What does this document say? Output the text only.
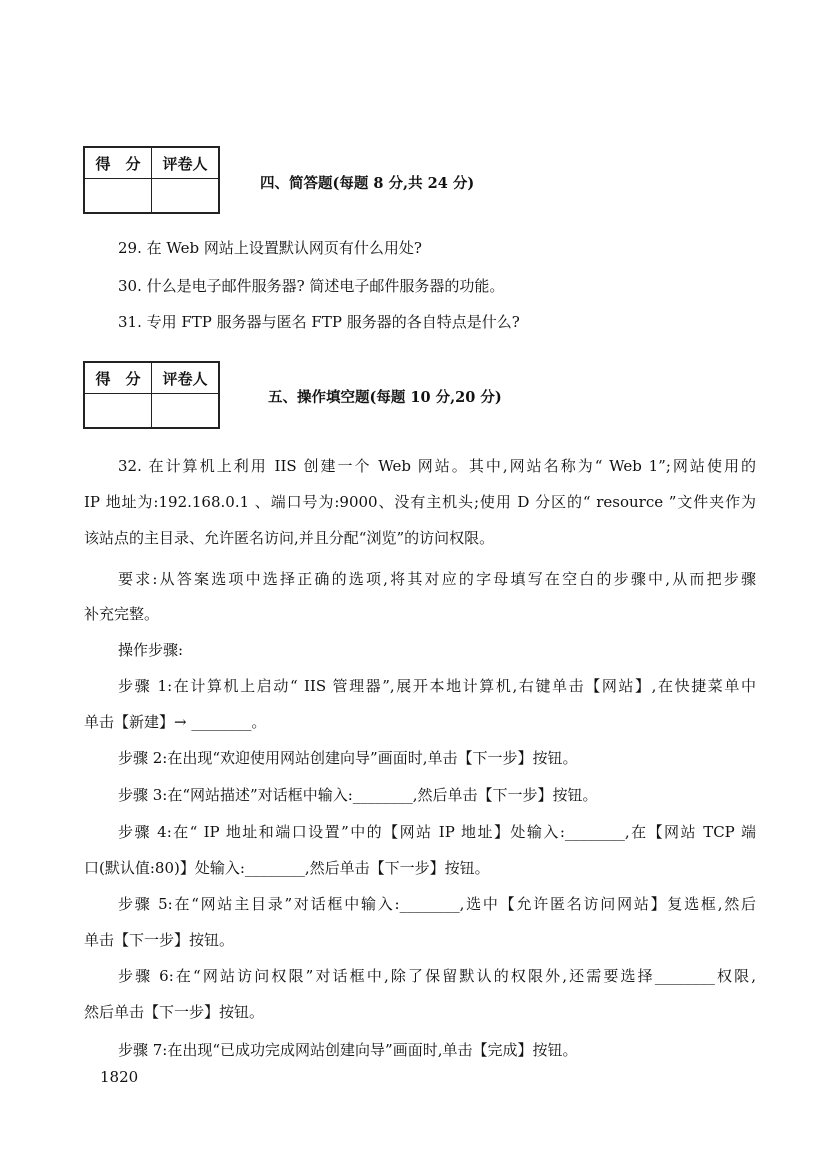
得　分	评卷人

四、简答题(每题 8 分,共 24 分)
29. 在 Web 网站上设置默认网页有什么用处?
30. 什么是电子邮件服务器? 简述电子邮件服务器的功能。
31. 专用 FTP 服务器与匿名 FTP 服务器的各自特点是什么?
得　分	评卷人

五、操作填空题(每题 10 分,20 分)
32. 在计算机上利用 IIS 创建一个 Web 网站。其中,网站名称为“ Web 1”;网站使用的
IP 地址为:192.168.0.1 、端口号为:9000、没有主机头;使用 D 分区的“ resource ”文件夹作为
该站点的主目录、允许匿名访问,并且分配“浏览”的访问权限。
要求:从答案选项中选择正确的选项,将其对应的字母填写在空白的步骤中,从而把步骤
补充完整。
操作步骤:
步骤 1:在计算机上启动“ IIS 管理器”,展开本地计算机,右键单击【网站】,在快捷菜单中
单击【新建】→ ________。
步骤 2:在出现“欢迎使用网站创建向导”画面时,单击【下一步】按钮。
步骤 3:在“网站描述”对话框中输入:________,然后单击【下一步】按钮。
步骤 4:在“ IP 地址和端口设置”中的【网站 IP 地址】处输入:________,在【网站 TCP 端
口(默认值:80)】处输入:________,然后单击【下一步】按钮。
步骤 5:在“网站主目录”对话框中输入:________,选中【允许匿名访问网站】复选框,然后
单击【下一步】按钮。
步骤 6:在“网站访问权限”对话框中,除了保留默认的权限外,还需要选择________权限,
然后单击【下一步】按钮。
步骤 7:在出现“已成功完成网站创建向导”画面时,单击【完成】按钮。
1820
